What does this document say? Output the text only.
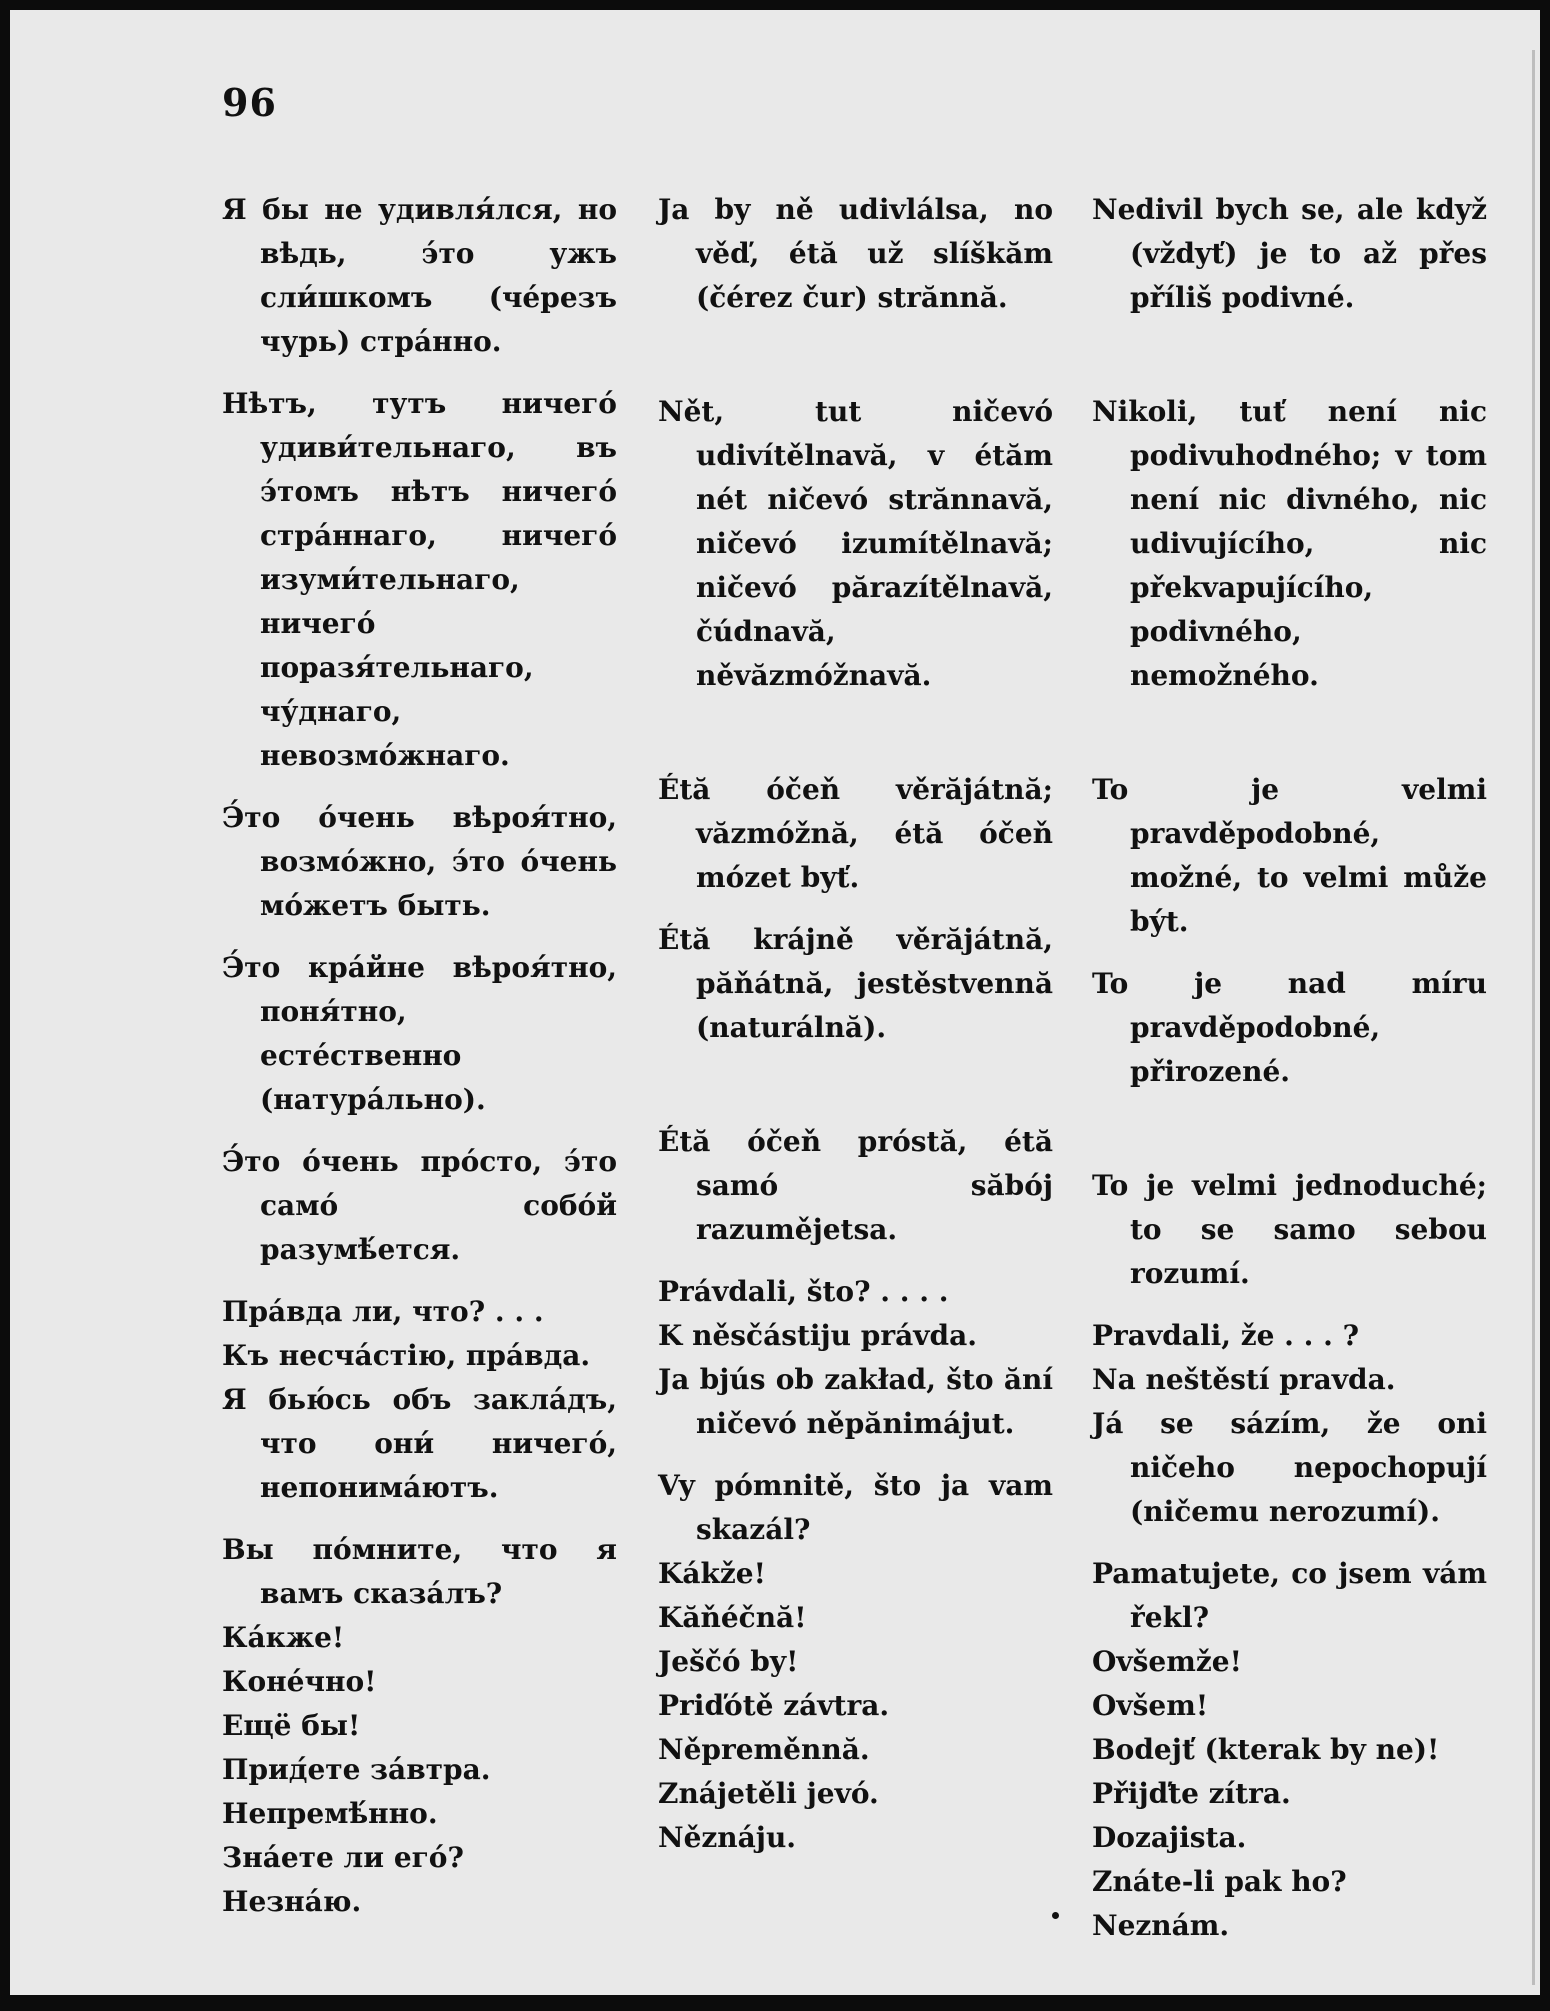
96

Я бы не удивля́лся, но вѣдь, э́то ужъ сли́шкомъ (че́резъ чурь) стра́нно.

Нѣтъ, тутъ ничего́ удиви́тельнаго, въ э́томъ нѣтъ ничего́ стра́ннаго, ничего́ изуми́тельнаго, ничего́ поразя́тельнаго, чу́днаго, невозмо́жнаго.

Э́то о́чень вѣроя́тно, возмо́жно, э́то о́чень мо́жетъ быть.

Э́то кра́йне вѣроя́тно, поня́тно, есте́ственно (натура́льно).

Э́то о́чень про́сто, э́то само́ собо́й разумѣ́ется.

Пра́вда ли, что? . . .

Къ несча́стію, пра́вда.

Я бью́сь объ закла́дъ, что они́ ничего́, непонима́ютъ.

Вы по́мните, что я вамъ сказа́лъ?

Ка́кже!

Коне́чно!

Ещё бы!

Прид́ете за́втра.

Непремѣ́нно.

Зна́ете ли его́?

Незна́ю.

Ja by ně udivlálsa, no věď, étă už slíškăm (čérez čur) strănnă.

Nět, tut ničevó udivítělnavă, v étăm nét ničevó strănnavă, ničevó izumítělnavă; ničevó părazítělnavă, čúdnavă, něvăzmóžnavă.

Étă óčeň věrăjátnă; văzmóžnă, étă óčeň mózet byť.

Étă krájně věrăjátnă, păňátnă, jestěstvennă (naturálnă).

Étă óčeň próstă, étă samó săbój razumějetsa.

Právdali, što? . . . .

K něsčástiju právda.

Ja bjús ob zakład, što ăní ničevó něpănimájut.

Vy pómnitě, što ja vam skazál?

Kákže!

Kăňéčnă!

Ješčó by!

Priďótě závtra.

Něpreměnnă.

Znájetěli jevó.

Něznáju.

Nedivil bych se, ale když (vždyť) je to až přes příliš podivné.

Nikoli, tuť není nic podivuhodného; v tom není nic divného, nic udivujícího, nic překvapujícího, podivného, nemožného.

To je velmi pravděpodobné, možné, to velmi může být.

To je nad míru pravděpodobné, přirozené.

To je velmi jednoduché; to se samo sebou rozumí.

Pravdali, že . . . ?

Na neštěstí pravda.

Já se sázím, že oni ničeho nepochopují (ničemu nerozumí).

Pamatujete, co jsem vám řekl?

Ovšemže!

Ovšem!

Bodejť (kterak by ne)!

Přijďte zítra.

Dozajista.

Znáte-li pak ho?

Neznám.
